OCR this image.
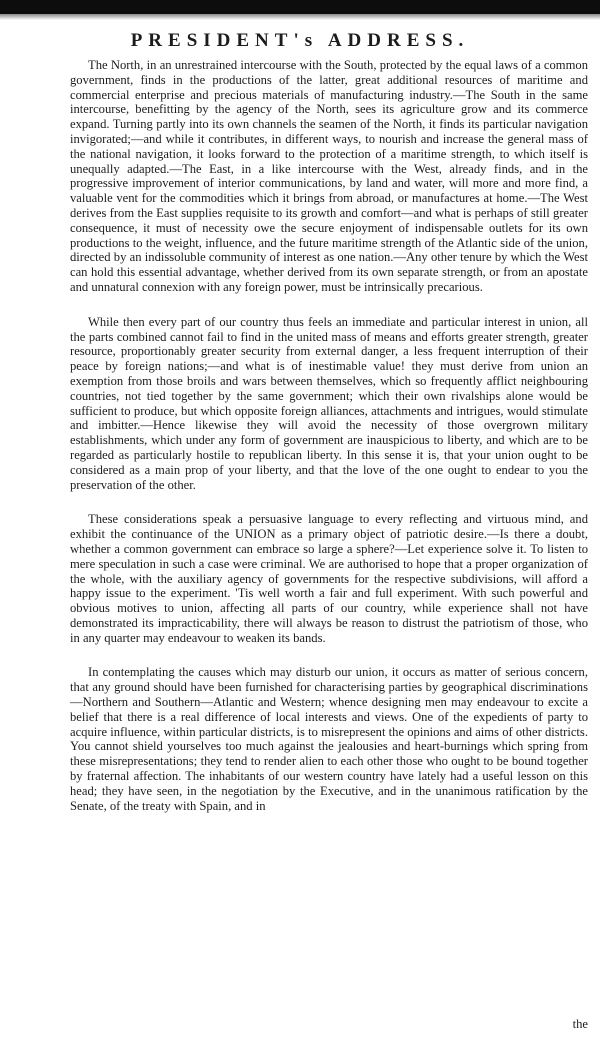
PRESIDENT's ADDRESS.

The North, in an unrestrained intercourse with the South, protected by the equal laws of a common government, finds in the productions of the latter, great additional resources of maritime and commercial enterprise and precious materials of manufacturing industry.—The South in the same intercourse, benefitting by the agency of the North, sees its agriculture grow and its commerce expand. Turning partly into its own channels the seamen of the North, it finds its particular navigation invigorated;—and while it contributes, in different ways, to nourish and increase the general mass of the national navigation, it looks forward to the protection of a maritime strength, to which itself is unequally adapted.—The East, in a like intercourse with the West, already finds, and in the progressive improvement of interior communications, by land and water, will more and more find, a valuable vent for the commodities which it brings from abroad, or manufactures at home.—The West derives from the East supplies requisite to its growth and comfort—and what is perhaps of still greater consequence, it must of necessity owe the secure enjoyment of indispensable outlets for its own productions to the weight, influence, and the future maritime strength of the Atlantic side of the union, directed by an indissoluble community of interest as one nation.—Any other tenure by which the West can hold this essential advantage, whether derived from its own separate strength, or from an apostate and unnatural connexion with any foreign power, must be intrinsically precarious.

While then every part of our country thus feels an immediate and particular interest in union, all the parts combined cannot fail to find in the united mass of means and efforts greater strength, greater resource, proportionably greater security from external danger, a less frequent interruption of their peace by foreign nations;—and what is of inestimable value! they must derive from union an exemption from those broils and wars between themselves, which so frequently afflict neighbouring countries, not tied together by the same government; which their own rivalships alone would be sufficient to produce, but which opposite foreign alliances, attachments and intrigues, would stimulate and imbitter.—Hence likewise they will avoid the necessity of those overgrown military establishments, which under any form of government are inauspicious to liberty, and which are to be regarded as particularly hostile to republican liberty. In this sense it is, that your union ought to be considered as a main prop of your liberty, and that the love of the one ought to endear to you the preservation of the other.

These considerations speak a persuasive language to every reflecting and virtuous mind, and exhibit the continuance of the UNION as a primary object of patriotic desire.—Is there a doubt, whether a common government can embrace so large a sphere?—Let experience solve it. To listen to mere speculation in such a case were criminal. We are authorised to hope that a proper organization of the whole, with the auxiliary agency of governments for the respective subdivisions, will afford a happy issue to the experiment. 'Tis well worth a fair and full experiment. With such powerful and obvious motives to union, affecting all parts of our country, while experience shall not have demonstrated its impracticability, there will always be reason to distrust the patriotism of those, who in any quarter may endeavour to weaken its bands.

In contemplating the causes which may disturb our union, it occurs as matter of serious concern, that any ground should have been furnished for characterising parties by geographical discriminations—Northern and Southern—Atlantic and Western; whence designing men may endeavour to excite a belief that there is a real difference of local interests and views. One of the expedients of party to acquire influence, within particular districts, is to misrepresent the opinions and aims of other districts. You cannot shield yourselves too much against the jealousies and heart-burnings which spring from these misrepresentations; they tend to render alien to each other those who ought to be bound together by fraternal affection. The inhabitants of our western country have lately had a useful lesson on this head; they have seen, in the negotiation by the Executive, and in the unanimous ratification by the Senate, of the treaty with Spain, and in

the
